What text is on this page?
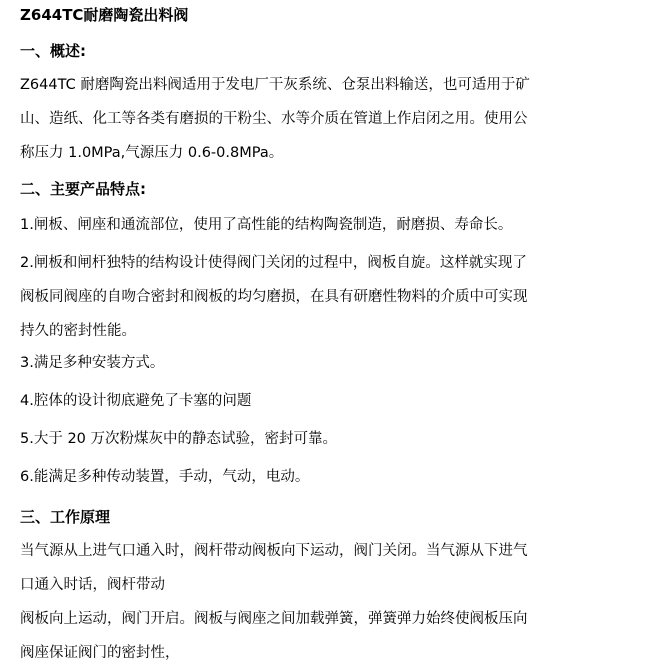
Z644TC耐磨陶瓷出料阀
一、概述:
Z644TC 耐磨陶瓷出料阀适用于发电厂干灰系统、仓泵出料输送，也可适用于矿
山、造纸、化工等各类有磨损的干粉尘、水等介质在管道上作启闭之用。使用公
称压力 1.0MPa,气源压力 0.6-0.8MPa。
二、主要产品特点:
1.闸板、闸座和通流部位，使用了高性能的结构陶瓷制造，耐磨损、寿命长。
2.闸板和闸杆独特的结构设计使得阀门关闭的过程中，阀板自旋。这样就实现了
阀板同阀座的自吻合密封和阀板的均匀磨损，在具有研磨性物料的介质中可实现
持久的密封性能。
3.满足多种安装方式。
4.腔体的设计彻底避免了卡塞的问题
5.大于 20 万次粉煤灰中的静态试验，密封可靠。
6.能满足多种传动装置，手动，气动，电动。
三、工作原理
当气源从上进气口通入时，阀杆带动阀板向下运动，阀门关闭。当气源从下进气
口通入时话，阀杆带动
阀板向上运动，阀门开启。阀板与阀座之间加载弹簧，弹簧弹力始终使阀板压向
阀座保证阀门的密封性，
